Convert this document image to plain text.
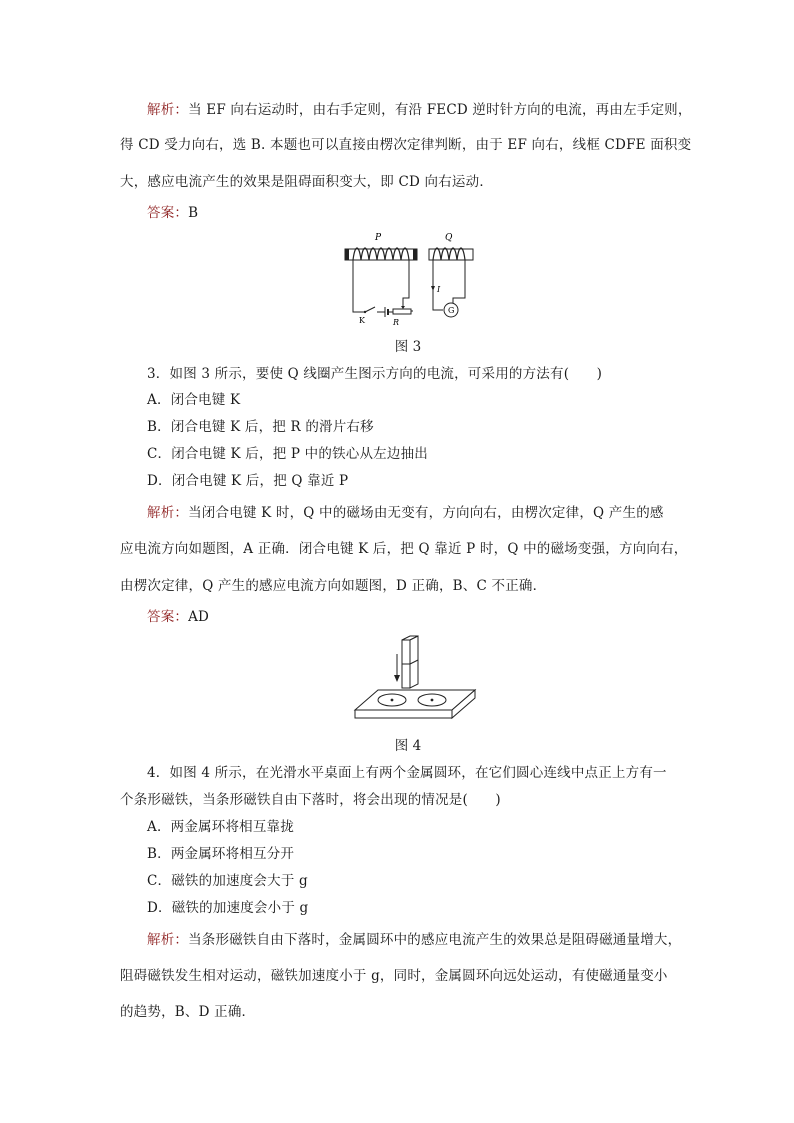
解析：当 EF 向右运动时，由右手定则，有沿 FECD 逆时针方向的电流，再由左手定则，
得 CD 受力向右，选 B. 本题也可以直接由楞次定律判断，由于 EF 向右，线框 CDFE 面积变
大，感应电流产生的效果是阻碍面积变大，即 CD 向右运动．
答案：B
P
K	R
Q
I
G
图 3
3．如图 3 所示，要使 Q 线圈产生图示方向的电流，可采用的方法有(　　)
A．闭合电键 K
B．闭合电键 K 后，把 R 的滑片右移
C．闭合电键 K 后，把 P 中的铁心从左边抽出
D．闭合电键 K 后，把 Q 靠近 P
解析：当闭合电键 K 时，Q 中的磁场由无变有，方向向右，由楞次定律，Q 产生的感
应电流方向如题图，A 正确．闭合电键 K 后，把 Q 靠近 P 时，Q 中的磁场变强，方向向右，
由楞次定律，Q 产生的感应电流方向如题图，D 正确，B、C 不正确．
答案：AD
图 4
4．如图 4 所示，在光滑水平桌面上有两个金属圆环，在它们圆心连线中点正上方有一
个条形磁铁，当条形磁铁自由下落时，将会出现的情况是(　　)
A．两金属环将相互靠拢
B．两金属环将相互分开
C．磁铁的加速度会大于 g
D．磁铁的加速度会小于 g
解析：当条形磁铁自由下落时，金属圆环中的感应电流产生的效果总是阻碍磁通量增大，
阻碍磁铁发生相对运动，磁铁加速度小于 g，同时，金属圆环向远处运动，有使磁通量变小
的趋势，B、D 正确．
